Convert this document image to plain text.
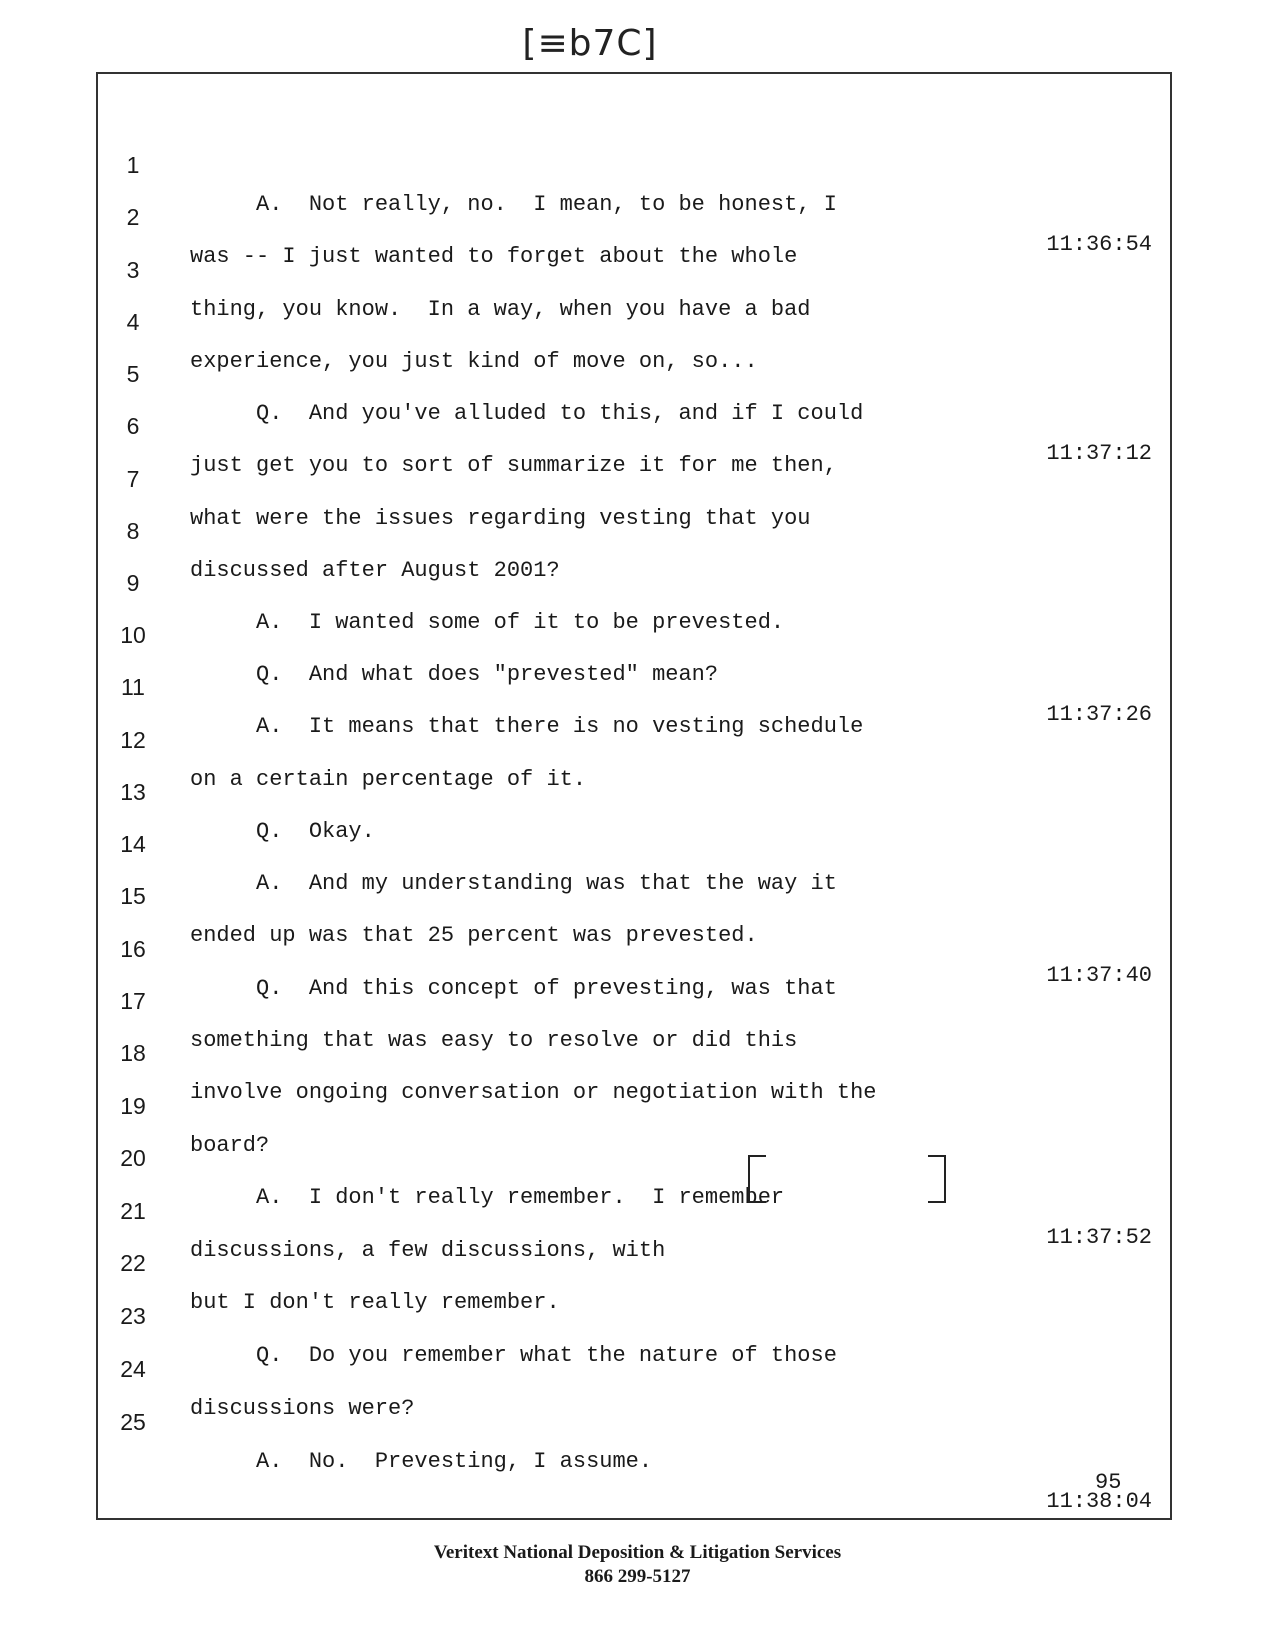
[≡b7C]

1

A.  Not really, no.  I mean, to be honest, I

11:36:54

2

was -- I just wanted to forget about the whole

3

thing, you know.  In a way, when you have a bad

4

experience, you just kind of move on, so...

5

Q.  And you've alluded to this, and if I could

11:37:12

6

just get you to sort of summarize it for me then,

7

what were the issues regarding vesting that you

8

discussed after August 2001?

9

A.  I wanted some of it to be prevested.

10

Q.  And what does "prevested" mean?

11:37:26

11

A.  It means that there is no vesting schedule

12

on a certain percentage of it.

13

Q.  Okay.

14

A.  And my understanding was that the way it

15

ended up was that 25 percent was prevested.

11:37:40

16

Q.  And this concept of prevesting, was that

17

something that was easy to resolve or did this

18

involve ongoing conversation or negotiation with the

19

board?

20

A.  I don't really remember.  I remember

11:37:52

21

discussions, a few discussions, with

22

but I don't really remember.

23

Q.  Do you remember what the nature of those

24

discussions were?

25

A.  No.  Prevesting, I assume.

11:38:04

95
Veritext National Deposition & Litigation Services
866 299-5127
